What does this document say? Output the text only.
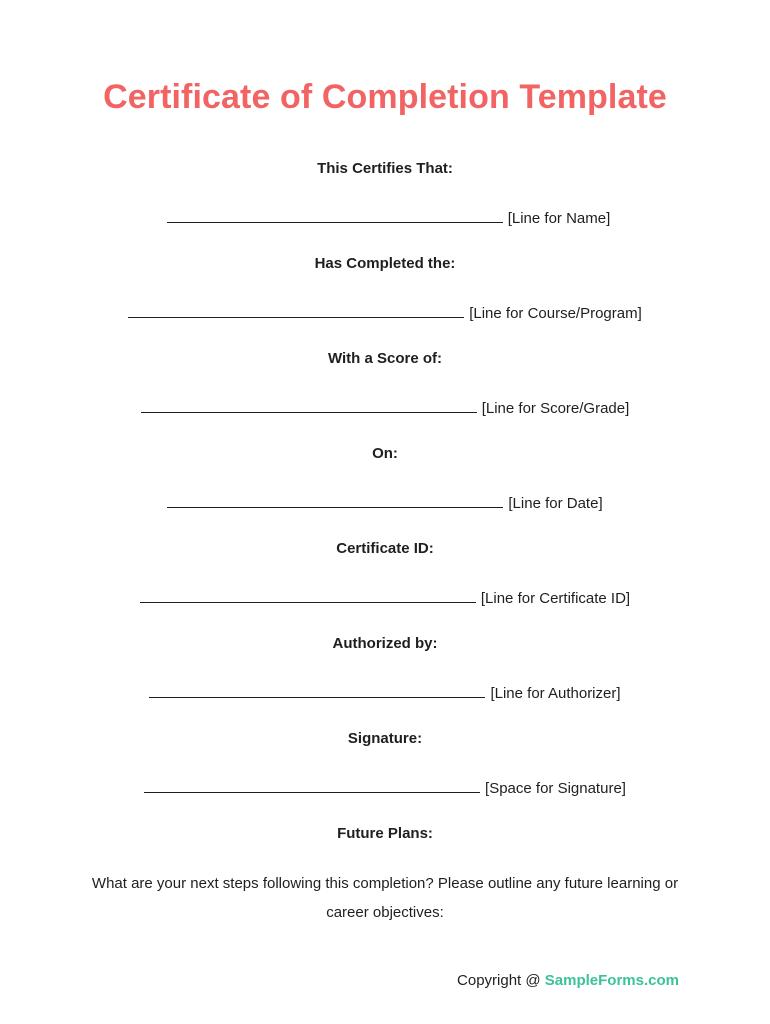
Certificate of Completion Template
This Certifies That:
[Line for Name]
Has Completed the:
[Line for Course/Program]
With a Score of:
[Line for Score/Grade]
On:
[Line for Date]
Certificate ID:
[Line for Certificate ID]
Authorized by:
[Line for Authorizer]
Signature:
[Space for Signature]
Future Plans:
What are your next steps following this completion? Please outline any future learning or career objectives:
Copyright @ SampleForms.com
